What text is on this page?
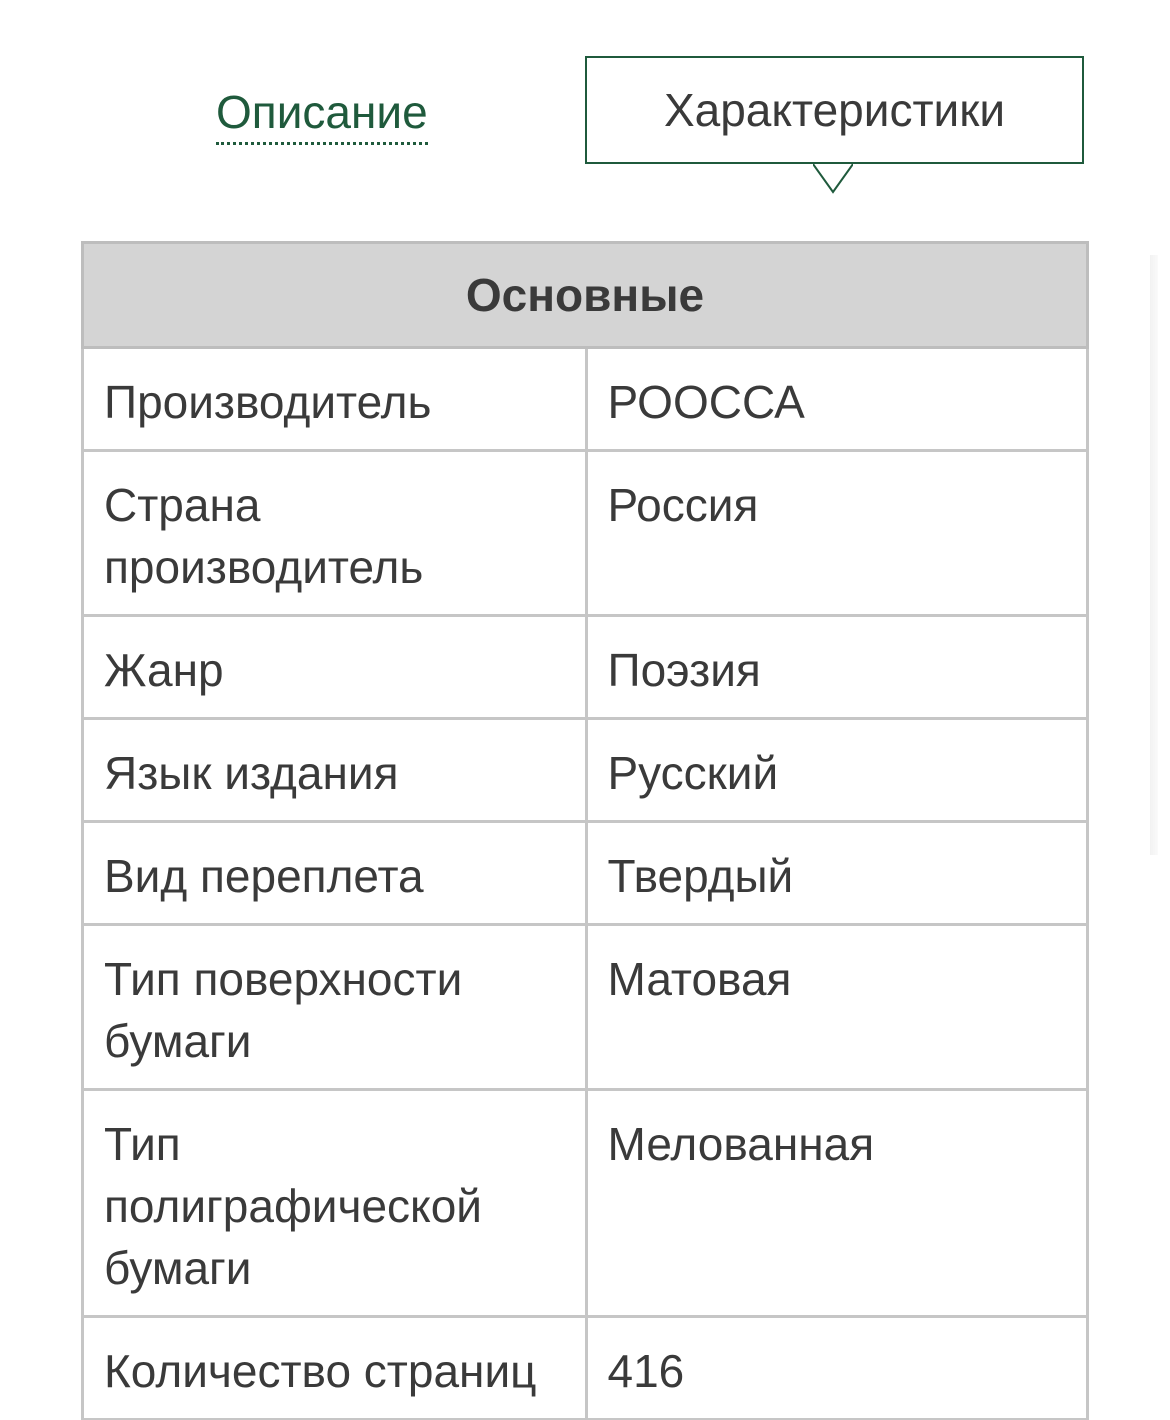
Описание	Характеристики
Основные	
Производитель	РООССА
Страна производитель	Россия
Жанр	Поэзия
Язык издания	Русский
Вид переплета	Твердый
Тип поверхности бумаги	Матовая
Тип полиграфической бумаги	Мелованная
Количество страниц	416
